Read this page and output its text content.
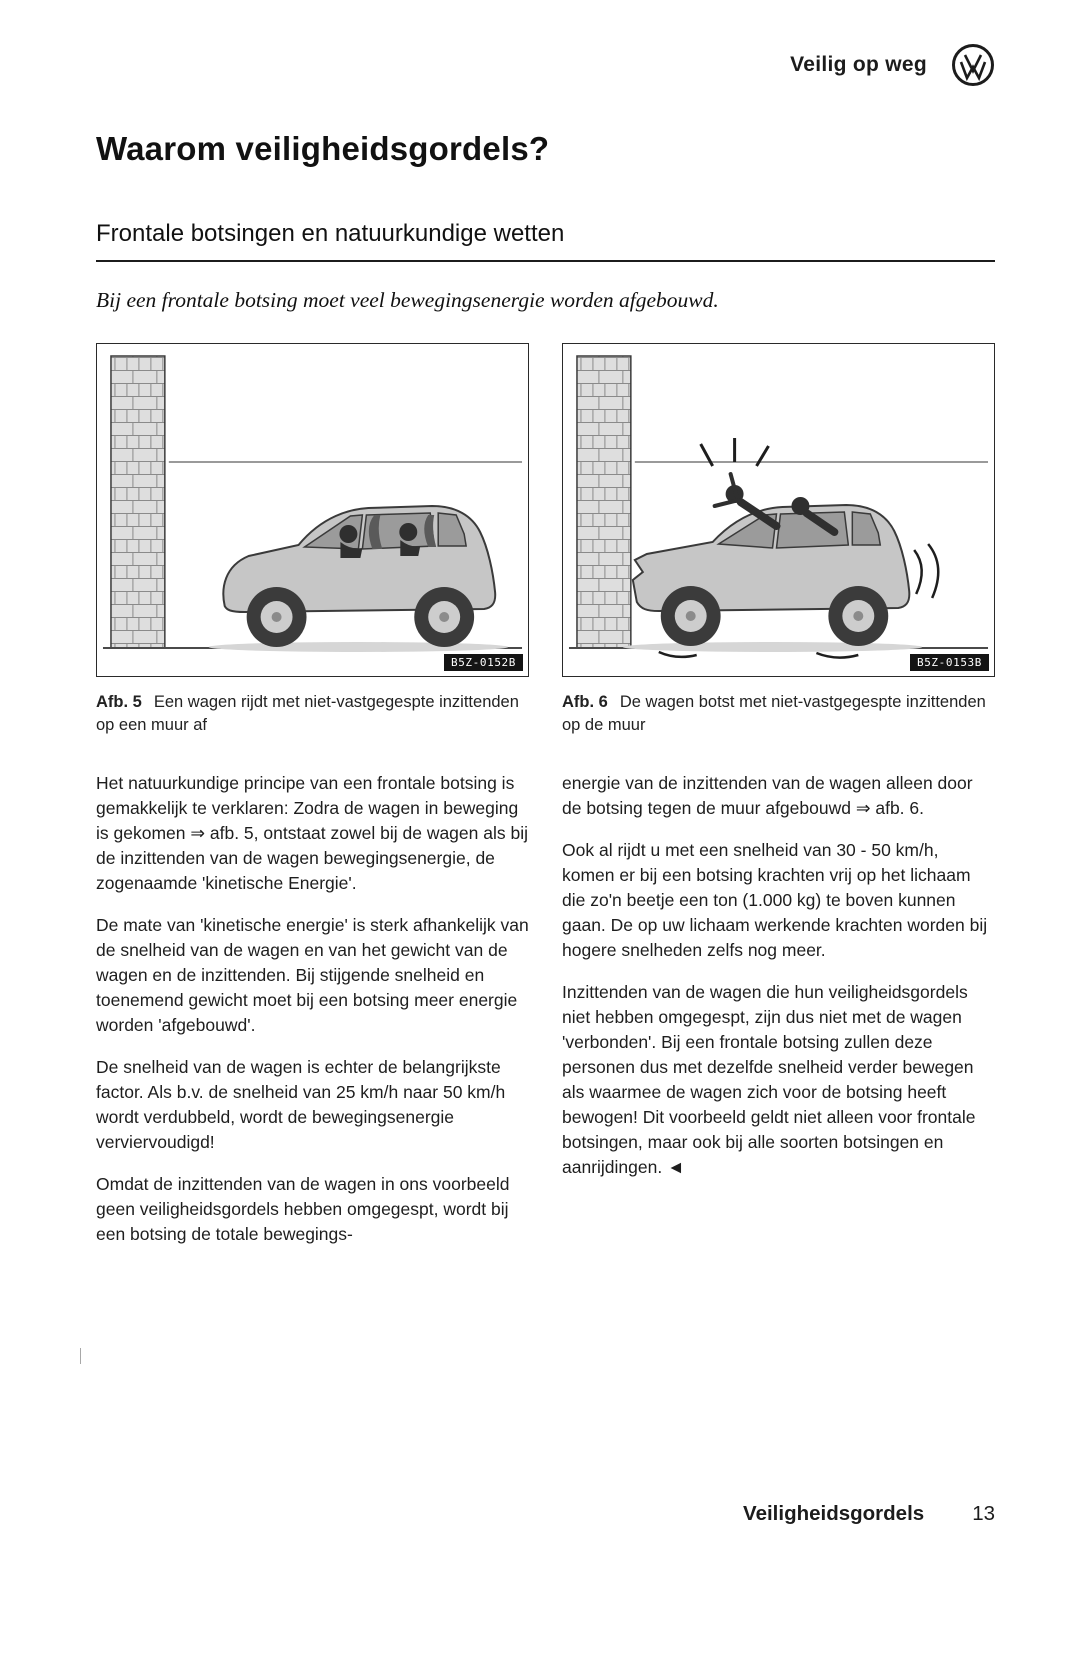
Veilig op weg
Waarom veiligheidsgordels?
Frontale botsingen en natuurkundige wetten

Bij een frontale botsing moet veel bewegingsenergie worden afgebouwd.

B5Z-0152B

Afb. 5 Een wagen rijdt met niet-vastgegespte inzittenden op een muur af

B5Z-0153B

Afb. 6 De wagen botst met niet-vastgegespte inzittenden op de muur

Het natuurkundige principe van een frontale botsing is gemakkelijk te verklaren: Zodra de wagen in beweging is gekomen ⇒ afb. 5, ontstaat zowel bij de wagen als bij de inzittenden van de wagen bewegingsenergie, de zogenaamde 'kinetische Energie'.

De mate van 'kinetische energie' is sterk afhankelijk van de snelheid van de wagen en van het gewicht van de wagen en de inzittenden. Bij stijgende snelheid en toenemend gewicht moet bij een botsing meer energie worden 'afgebouwd'.

De snelheid van de wagen is echter de belangrijkste factor. Als b.v. de snelheid van 25 km/h naar 50 km/h wordt verdubbeld, wordt de bewegingsenergie verviervoudigd!

Omdat de inzittenden van de wagen in ons voorbeeld geen veiligheidsgordels hebben omgegespt, wordt bij een botsing de totale bewegings-

energie van de inzittenden van de wagen alleen door de botsing tegen de muur afgebouwd ⇒ afb. 6.

Ook al rijdt u met een snelheid van 30 - 50 km/h, komen er bij een botsing krachten vrij op het lichaam die zo'n beetje een ton (1.000 kg) te boven kunnen gaan. De op uw lichaam werkende krachten worden bij hogere snelheden zelfs nog meer.

Inzittenden van de wagen die hun veiligheidsgordels niet hebben omgegespt, zijn dus niet met de wagen 'verbonden'. Bij een frontale botsing zullen deze personen dus met dezelfde snelheid verder bewegen als waarmee de wagen zich voor de botsing heeft bewogen! Dit voorbeeld geldt niet alleen voor frontale botsingen, maar ook bij alle soorten botsingen en aanrijdingen. ◄

Veiligheidsgordels 13
